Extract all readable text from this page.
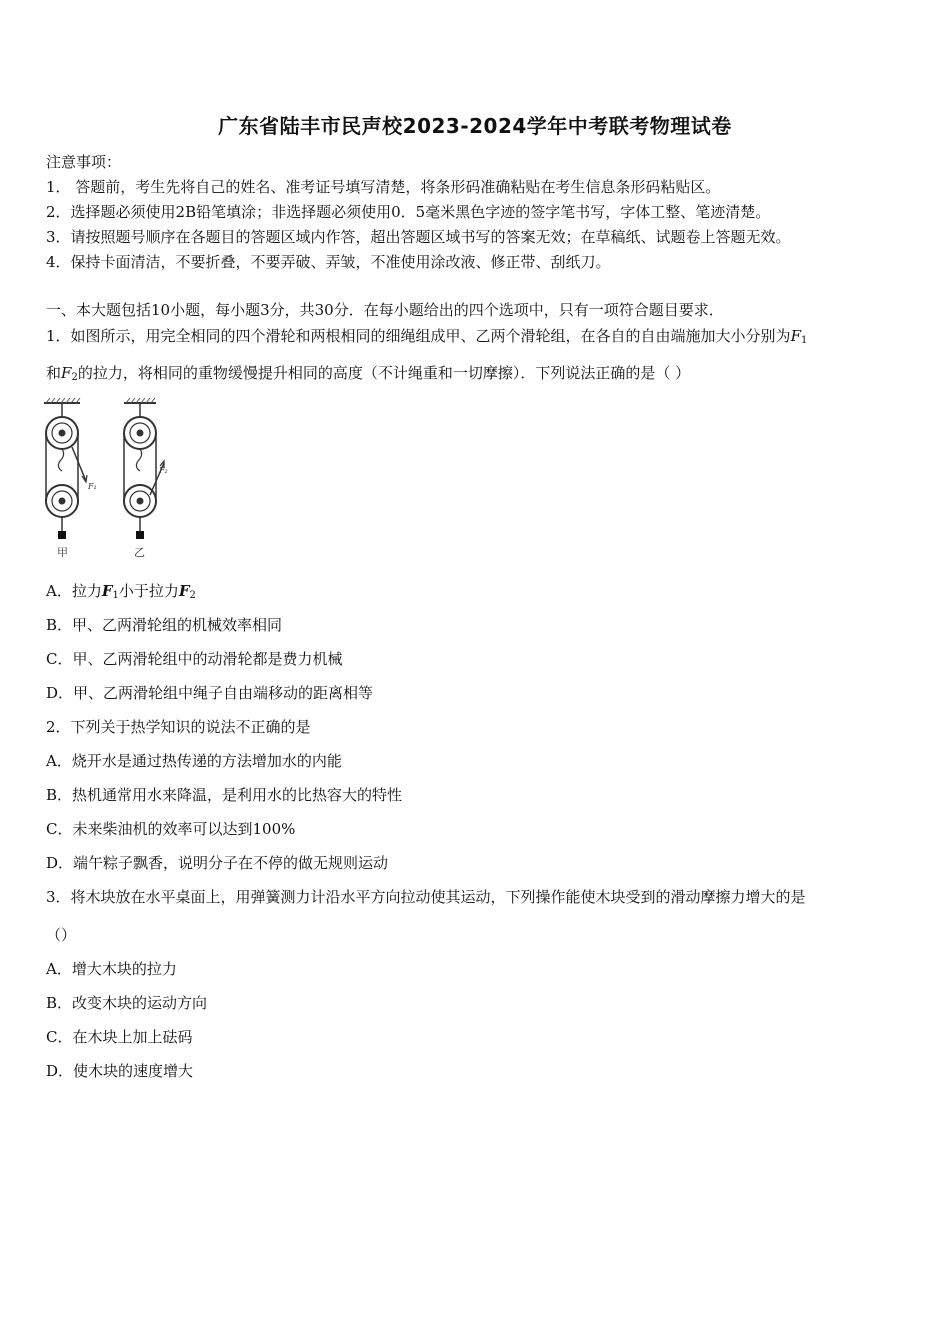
广东省陆丰市民声校2023-2024学年中考联考物理试卷
注意事项：
1． 答题前，考生先将自己的姓名、准考证号填写清楚，将条形码准确粘贴在考生信息条形码粘贴区。
2．选择题必须使用2B铅笔填涂；非选择题必须使用0．5毫米黑色字迹的签字笔书写，字体工整、笔迹清楚。
3．请按照题号顺序在各题目的答题区域内作答，超出答题区域书写的答案无效；在草稿纸、试题卷上答题无效。
4．保持卡面清洁，不要折叠，不要弄破、弄皱，不准使用涂改液、修正带、刮纸刀。
一、本大题包括10小题，每小题3分，共30分．在每小题给出的四个选项中，只有一项符合题目要求．
1．如图所示，用完全相同的四个滑轮和两根相同的细绳组成甲、乙两个滑轮组，在各自的自由端施加大小分别为$F_1$
和$F_2$的拉力，将相同的重物缓慢提升相同的高度（不计绳重和一切摩擦）．下列说法正确的是（ ）
F₁
F₂
甲	乙
A．拉力$F_1$小于拉力$F_2$
B．甲、乙两滑轮组的机械效率相同
C．甲、乙两滑轮组中的动滑轮都是费力机械
D．甲、乙两滑轮组中绳子自由端移动的距离相等
2．下列关于热学知识的说法不正确的是
A．烧开水是通过热传递的方法增加水的内能
B．热机通常用水来降温，是利用水的比热容大的特性
C．未来柴油机的效率可以达到100%
D．端午粽子飘香，说明分子在不停的做无规则运动
3．将木块放在水平桌面上，用弹簧测力计沿水平方向拉动使其运动，下列操作能使木块受到的滑动摩擦力增大的是
（）
A．增大木块的拉力
B．改变木块的运动方向
C．在木块上加上砝码
D．使木块的速度增大
